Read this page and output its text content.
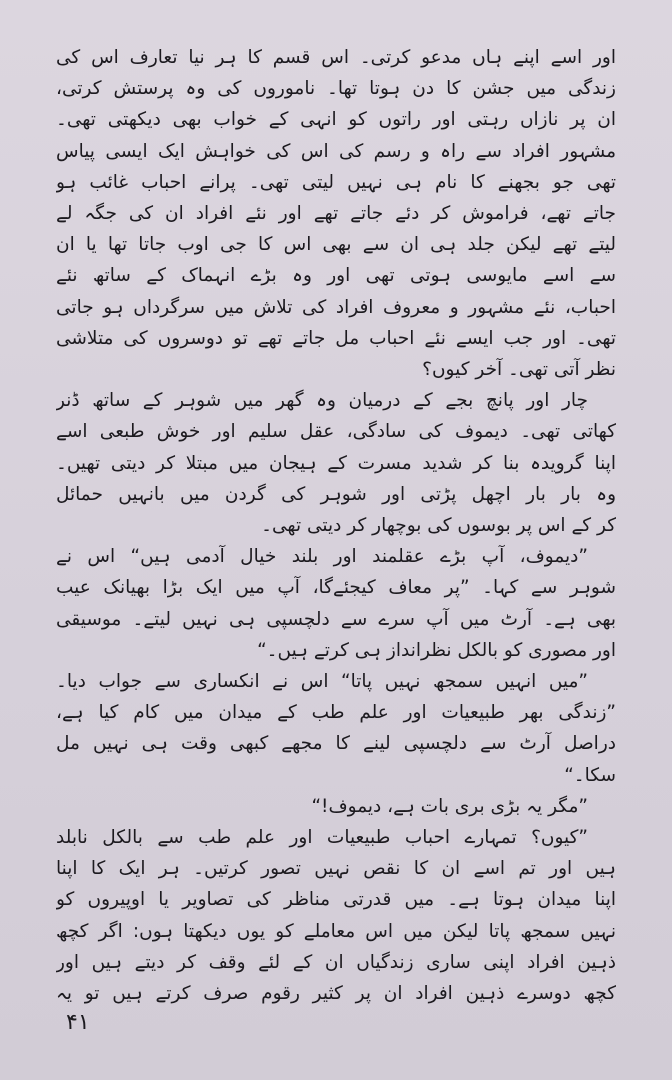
اور اسے اپنے ہاں مدعو کرتی۔ اس قسم کا ہر نیا تعارف اس کی
زندگی میں جشن کا دن ہوتا تھا۔ ناموروں کی وہ پرستش کرتی،
ان پر نازاں رہتی اور راتوں کو انہی کے خواب بھی دیکھتی تھی۔
مشہور افراد سے راہ و رسم کی اس کی خواہش ایک ایسی پیاس
تھی جو بجھنے کا نام ہی نہیں لیتی تھی۔ پرانے احباب غائب ہو
جاتے تھے، فراموش کر دئے جاتے تھے اور نئے افراد ان کی جگہ لے
لیتے تھے لیکن جلد ہی ان سے بھی اس کا جی اوب جاتا تھا یا ان
سے اسے مایوسی ہوتی تھی اور وہ بڑے انہماک کے ساتھ نئے
احباب، نئے مشہور و معروف افراد کی تلاش میں سرگرداں ہو جاتی
تھی۔ اور جب ایسے نئے احباب مل جاتے تھے تو دوسروں کی متلاشی
نظر آتی تھی۔ آخر کیوں؟
چار اور پانچ بجے کے درمیان وہ گھر میں شوہر کے ساتھ ڈنر
کھاتی تھی۔ دیموف کی سادگی، عقل سلیم اور خوش طبعی اسے
اپنا گرویدہ بنا کر شدید مسرت کے ہیجان میں مبتلا کر دیتی تھیں۔
وہ بار بار اچھل پڑتی اور شوہر کی گردن میں بانہیں حمائل
کر کے اس پر بوسوں کی بوچھار کر دیتی تھی۔
”دیموف، آپ بڑے عقلمند اور بلند خیال آدمی ہیں“ اس نے
شوہر سے کہا۔ ”پر معاف کیجئےگا، آپ میں ایک بڑا بھیانک عیب
بھی ہے۔ آرٹ میں آپ سرے سے دلچسپی ہی نہیں لیتے۔ موسیقی
اور مصوری کو بالکل نظرانداز ہی کرتے ہیں۔“
”میں انہیں سمجھ نہیں پاتا“ اس نے انکساری سے جواب دیا۔
”زندگی بھر طبیعیات اور علم طب کے میدان میں کام کیا ہے،
دراصل آرٹ سے دلچسپی لینے کا مجھے کبھی وقت ہی نہیں مل
سکا۔“
”مگر یہ بڑی بری بات ہے، دیموف!“
”کیوں؟ تمہارے احباب طبیعیات اور علم طب سے بالکل نابلد
ہیں اور تم اسے ان کا نقص نہیں تصور کرتیں۔ ہر ایک کا اپنا
اپنا میدان ہوتا ہے۔ میں قدرتی مناظر کی تصاویر یا اوپیروں کو
نہیں سمجھ پاتا لیکن میں اس معاملے کو یوں دیکھتا ہوں: اگر کچھ
ذہین افراد اپنی ساری زندگیاں ان کے لئے وقف کر دیتے ہیں اور
کچھ دوسرے ذہین افراد ان پر کثیر رقوم صرف کرتے ہیں تو یہ
۴۱
